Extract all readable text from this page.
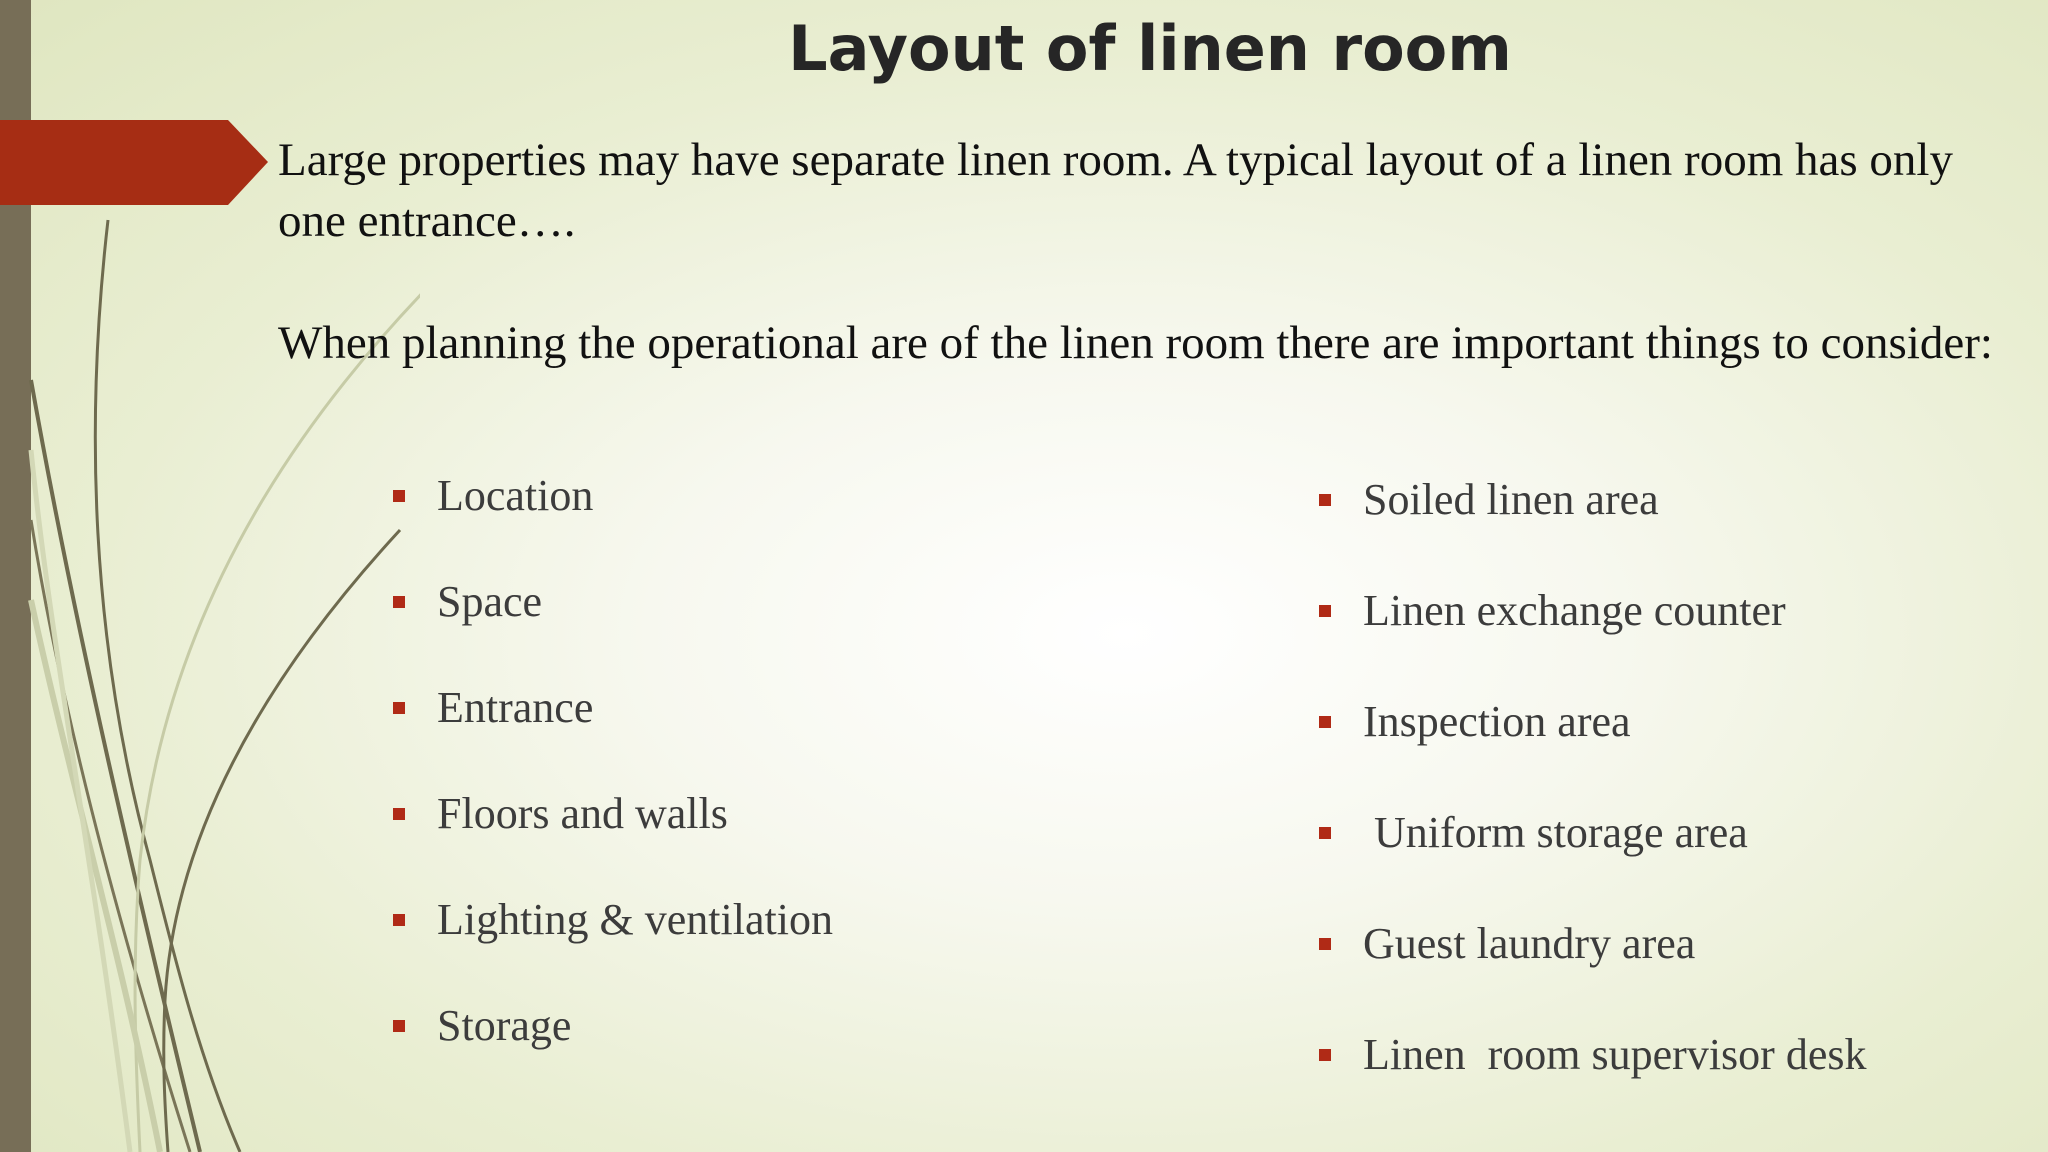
Layout of linen room

Large properties may have separate linen room. A typical layout of a linen room has only one entrance….

When planning the operational are of the linen room there are important things to consider:

Location
Space
Entrance
Floors and walls
Lighting & ventilation
Storage
Soiled linen area
Linen exchange counter
Inspection area
Uniform storage area
Guest laundry area
Linen  room supervisor desk
